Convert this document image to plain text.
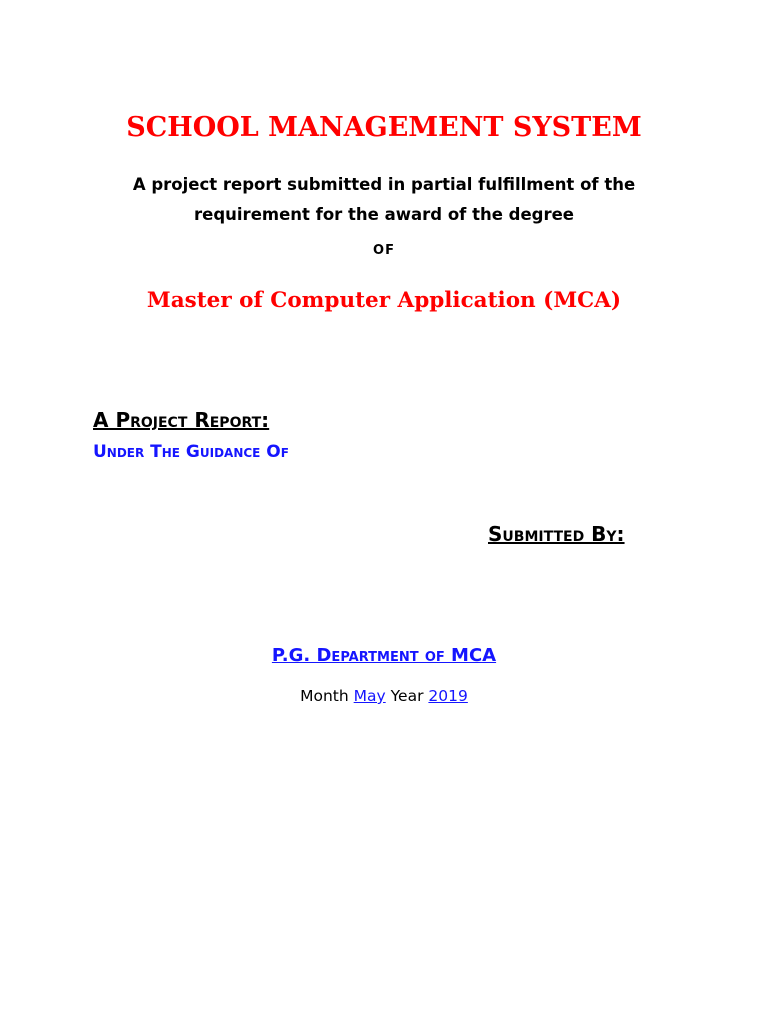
SCHOOL MANAGEMENT SYSTEM
A project report submitted in partial fulfillment of the
requirement for the award of the degree
OF
Master of Computer Application (MCA)
A Project Report:
Under The Guidance Of
Submitted By:
P.G. Department of MCA
Month May Year 2019
